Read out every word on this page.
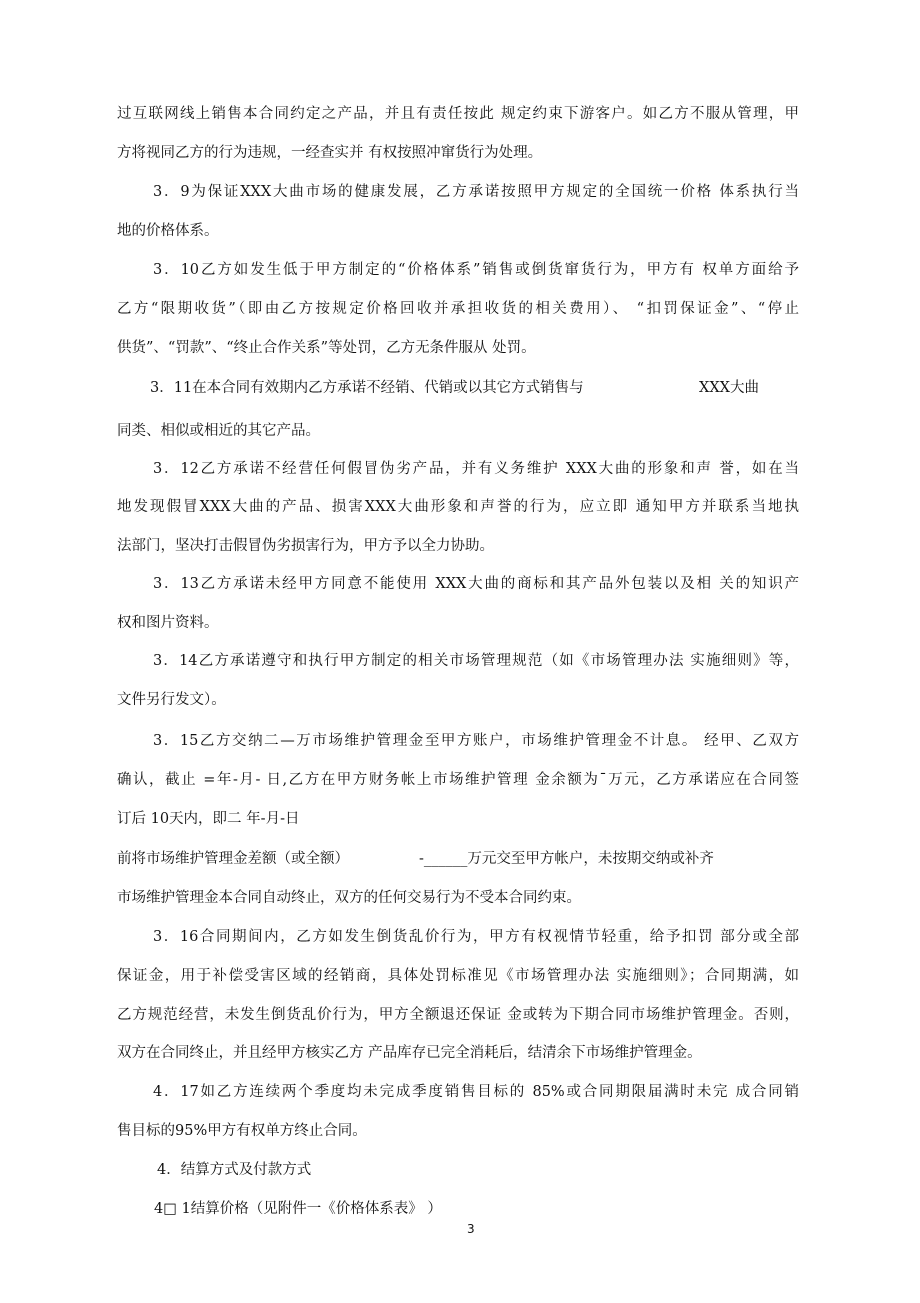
过互联网线上销售本合同约定之产品，并且有责任按此 规定约束下游客户。如乙方不服从管理，甲
方将视同乙方的行为违规，一经查实并 有权按照冲窜货行为处理。
3．9为保证XXX大曲市场的健康发展，乙方承诺按照甲方规定的全国统一价格 体系执行当
地的价格体系。
3．10乙方如发生低于甲方制定的“价格体系”销售或倒货窜货行为，甲方有 权单方面给予
乙方“限期收货”（即由乙方按规定价格回收并承担收货的相关费用）、 “扣罚保证金”、“停止
供货”、“罚款”、“终止合作关系”等处罚，乙方无条件服从 处罚。
3．11在本合同有效期内乙方承诺不经销、代销或以其它方式销售与	XXX大曲
同类、相似或相近的其它产品。
3．12乙方承诺不经营任何假冒伪劣产品，并有义务维护 XXX大曲的形象和声 誉，如在当
地发现假冒XXX大曲的产品、损害XXX大曲形象和声誉的行为，应立即 通知甲方并联系当地执
法部门，坚决打击假冒伪劣损害行为，甲方予以全力协助。
3．13乙方承诺未经甲方同意不能使用 XXX大曲的商标和其产品外包装以及相 关的知识产
权和图片资料。
3．14乙方承诺遵守和执行甲方制定的相关市场管理规范（如《市场管理办法 实施细则》等，
文件另行发文）。
3．15乙方交纳二—万市场维护管理金至甲方账户，市场维护管理金不计息。 经甲、乙双方
确认，截止 =年-月- 日,乙方在甲方财务帐上市场维护管理 金余额为ˉ万元，乙方承诺应在合同签
订后 10天内，即二 年-月-日
前将市场维护管理金差额（或全额）	-______万元交至甲方帐户，未按期交纳或补齐
市场维护管理金本合同自动终止，双方的任何交易行为不受本合同约束。
3．16合同期间内，乙方如发生倒货乱价行为，甲方有权视情节轻重，给予扣罚 部分或全部
保证金，用于补偿受害区域的经销商，具体处罚标准见《市场管理办法 实施细则》；合同期满，如
乙方规范经营，未发生倒货乱价行为，甲方全额退还保证 金或转为下期合同市场维护管理金。否则，
双方在合同终止，并且经甲方核实乙方 产品库存已完全消耗后，结清余下市场维护管理金。
4．17如乙方连续两个季度均未完成季度销售目标的 85%或合同期限届满时未完 成合同销
售目标的95%甲方有权单方终止合同。
4．结算方式及付款方式
4□ 1结算价格（见附件一《价格体系表》 ）
3
